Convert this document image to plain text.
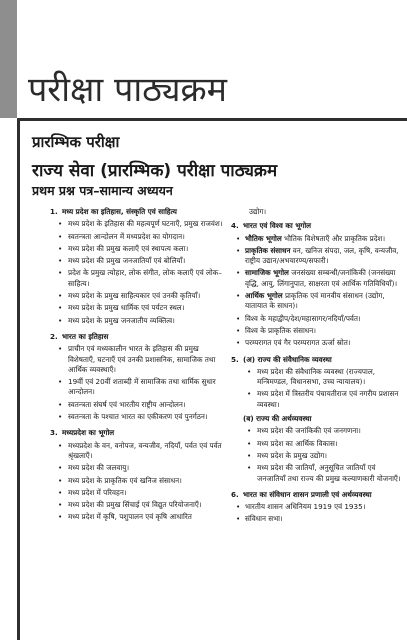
परीक्षा पाठ्यक्रम
प्रारम्भिक परीक्षा
राज्य सेवा (प्रारम्भिक) परीक्षा पाठ्यक्रम
प्रथम प्रश्न पत्र–सामान्य अध्ययन
1. मध्य प्रदेश का इतिहास, संस्कृति एवं साहित्य
• मध्य प्रदेश के इतिहास की महत्वपूर्ण घटनाएँ, प्रमुख राजवंश।
• स्वतन्त्रता आन्दोलन में मध्यप्रदेश का योगदान।
• मध्य प्रदेश की प्रमुख कलाएँ एवं स्थापत्य कला।
• मध्य प्रदेश की प्रमुख जनजातियाँ एवं बोलियाँ।
• प्रदेश के प्रमुख त्योहार, लोक संगीत, लोक कलाएँ एवं लोक–साहित्य।
• मध्य प्रदेश के प्रमुख साहित्यकार एवं उनकी कृतियाँ।
• मध्य प्रदेश के प्रमुख धार्मिक एवं पर्यटन स्थल।
• मध्य प्रदेश के प्रमुख जनजातीय व्यक्तित्व।
2. भारत का इतिहास
• प्राचीन एवं मध्यकालीन भारत के इतिहास की प्रमुख विशेषताएँ, घटनाएँ एवं उनकी प्रशासनिक, सामाजिक तथा आर्थिक व्यवस्थाएँ।
• 19वीं एवं 20वीं शताब्दी में सामाजिक तथा धार्मिक सुधार आन्दोलन।
• स्वतन्त्रता संघर्ष एवं भारतीय राष्ट्रीय आन्दोलन।
• स्वतन्त्रता के पश्चात भारत का एकीकरण एवं पुनर्गठन।
3. मध्यप्रदेश का भूगोल
• मध्यप्रदेश के वन, वनोपज, वन्यजीव, नदियाँ, पर्वत एवं पर्वत श्रृंखलाएँ।
• मध्य प्रदेश की जलवायु।
• मध्य प्रदेश के प्राकृतिक एवं खनिज संसाधन।
• मध्य प्रदेश में परिवहन।
• मध्य प्रदेश की प्रमुख सिंचाई एवं विद्युत परियोजनाएँ।
• मध्य प्रदेश में कृषि, पशुपालन एवं कृषि आधारित
उद्योग।
4. भारत एवं विश्व का भूगोल
• भौतिक भूगोल भौतिक विशेषताएँ और प्राकृतिक प्रदेश।
• प्राकृतिक संसाधन वन, खनिज संपदा, जल, कृषि, वन्यजीव, राष्ट्रीय उद्यान/अभयारण्य/सफारी।
• सामाजिक भूगोल जनसंख्या सम्बन्धी/जनांकिकी (जनसंख्या वृद्धि, आयु, लिंगानुपात, साक्षरता एवं आर्थिक गतिविधियाँ)।
• आर्थिक भूगोल प्राकृतिक एवं मानवीय संसाधन (उद्योग, यातायात के साधन)।
• विश्व के महाद्वीप/देश/महासागर/नदियाँ/पर्वत।
• विश्व के प्राकृतिक संसाधन।
• परम्परागत एवं गैर परम्परागत ऊर्जा स्रोत।
5. (अ) राज्य की संवैधानिक व्यवस्था
• मध्य प्रदेश की संवैधानिक व्यवस्था (राज्यपाल, मन्त्रिमण्डल, विधानसभा, उच्च न्यायालय)।
• मध्य प्रदेश में त्रिस्तरीय पंचायतीराज एवं नगरीय प्रशासन व्यवस्था।
(ब) राज्य की अर्थव्यवस्था
• मध्य प्रदेश की जनांकिकी एवं जनगणना।
• मध्य प्रदेश का आर्थिक विकास।
• मध्य प्रदेश के प्रमुख उद्योग।
• मध्य प्रदेश की जातियाँ, अनुसूचित जातियाँ एवं जनजातियाँ तथा राज्य की प्रमुख कल्याणकारी योजनाएँ।
6. भारत का संविधान शासन प्रणाली एवं अर्थव्यवस्था
• भारतीय शासन अधिनियम 1919 एवं 1935।
• संविधान सभा।
